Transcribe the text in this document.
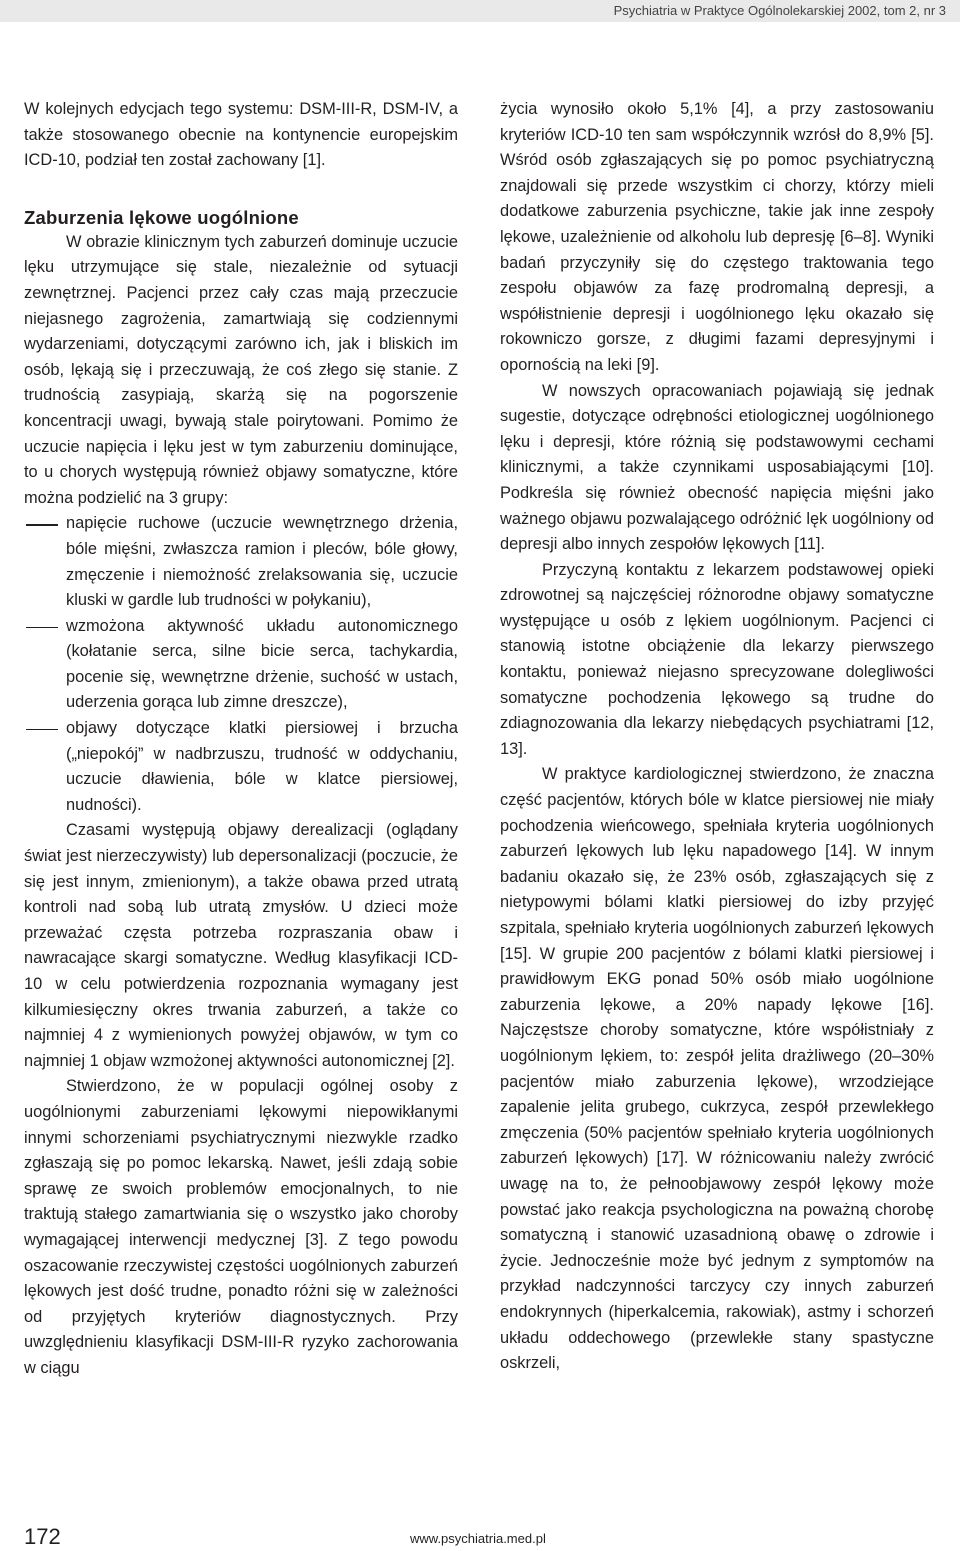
Psychiatria w Praktyce Ogólnolekarskiej 2002, tom 2, nr 3

W kolejnych edycjach tego systemu: DSM-III-R, DSM-IV, a także stosowanego obecnie na kontynencie europejskim ICD-10, podział ten został zachowany [1].

Zaburzenia lękowe uogólnione

W obrazie klinicznym tych zaburzeń dominuje uczucie lęku utrzymujące się stale, niezależnie od sytuacji zewnętrznej. Pacjenci przez cały czas mają przeczucie niejasnego zagrożenia, zamartwiają się codziennymi wydarzeniami, dotyczącymi zarówno ich, jak i bliskich im osób, lękają się i przeczuwają, że coś złego się stanie. Z trudnością zasypiają, skarżą się na pogorszenie koncentracji uwagi, bywają stale poirytowani. Pomimo że uczucie napięcia i lęku jest w tym zaburzeniu dominujące, to u chorych występują również objawy somatyczne, które można podzielić na 3 grupy:

napięcie ruchowe (uczucie wewnętrznego drżenia, bóle mięśni, zwłaszcza ramion i pleców, bóle głowy, zmęczenie i niemożność zrelaksowania się, uczucie kluski w gardle lub trudności w połykaniu),
wzmożona aktywność układu autonomicznego (kołatanie serca, silne bicie serca, tachykardia, pocenie się, wewnętrzne drżenie, suchość w ustach, uderzenia gorąca lub zimne dreszcze),
objawy dotyczące klatki piersiowej i brzucha („niepokój” w nadbrzuszu, trudność w oddychaniu, uczucie dławienia, bóle w klatce piersiowej, nudności).

Czasami występują objawy derealizacji (oglądany świat jest nierzeczywisty) lub depersonalizacji (poczucie, że się jest innym, zmienionym), a także obawa przed utratą kontroli nad sobą lub utratą zmysłów. U dzieci może przeważać częsta potrzeba rozpraszania obaw i nawracające skargi somatyczne. Według klasyfikacji ICD-10 w celu potwierdzenia rozpoznania wymagany jest kilkumiesięczny okres trwania zaburzeń, a także co najmniej 4 z wymienionych powyżej objawów, w tym co najmniej 1 objaw wzmożonej aktywności autonomicznej [2].

Stwierdzono, że w populacji ogólnej osoby z uogólnionymi zaburzeniami lękowymi niepowikłanymi innymi schorzeniami psychiatrycznymi niezwykle rzadko zgłaszają się po pomoc lekarską. Nawet, jeśli zdają sobie sprawę ze swoich problemów emocjonalnych, to nie traktują stałego zamartwiania się o wszystko jako choroby wymagającej interwencji medycznej [3]. Z tego powodu oszacowanie rzeczywistej częstości uogólnionych zaburzeń lękowych jest dość trudne, ponadto różni się w zależności od przyjętych kryteriów diagnostycznych. Przy uwzględnieniu klasyfikacji DSM-III-R ryzyko zachorowania w ciągu

życia wynosiło około 5,1% [4], a przy zastosowaniu kryteriów ICD-10 ten sam współczynnik wzrósł do 8,9% [5]. Wśród osób zgłaszających się po pomoc psychiatryczną znajdowali się przede wszystkim ci chorzy, którzy mieli dodatkowe zaburzenia psychiczne, takie jak inne zespoły lękowe, uzależnienie od alkoholu lub depresję [6–8]. Wyniki badań przyczyniły się do częstego traktowania tego zespołu objawów za fazę prodromalną depresji, a współistnienie depresji i uogólnionego lęku okazało się rokowniczo gorsze, z długimi fazami depresyjnymi i opornością na leki [9].

W nowszych opracowaniach pojawiają się jednak sugestie, dotyczące odrębności etiologicznej uogólnionego lęku i depresji, które różnią się podstawowymi cechami klinicznymi, a także czynnikami usposabiającymi [10]. Podkreśla się również obecność napięcia mięśni jako ważnego objawu pozwalającego odróżnić lęk uogólniony od depresji albo innych zespołów lękowych [11].

Przyczyną kontaktu z lekarzem podstawowej opieki zdrowotnej są najczęściej różnorodne objawy somatyczne występujące u osób z lękiem uogólnionym. Pacjenci ci stanowią istotne obciążenie dla lekarzy pierwszego kontaktu, ponieważ niejasno sprecyzowane dolegliwości somatyczne pochodzenia lękowego są trudne do zdiagnozowania dla lekarzy niebędących psychiatrami [12, 13].

W praktyce kardiologicznej stwierdzono, że znaczna część pacjentów, których bóle w klatce piersiowej nie miały pochodzenia wieńcowego, spełniała kryteria uogólnionych zaburzeń lękowych lub lęku napadowego [14]. W innym badaniu okazało się, że 23% osób, zgłaszających się z nietypowymi bólami klatki piersiowej do izby przyjęć szpitala, spełniało kryteria uogólnionych zaburzeń lękowych [15]. W grupie 200 pacjentów z bólami klatki piersiowej i prawidłowym EKG ponad 50% osób miało uogólnione zaburzenia lękowe, a 20% napady lękowe [16]. Najczęstsze choroby somatyczne, które współistniały z uogólnionym lękiem, to: zespół jelita drażliwego (20–30% pacjentów miało zaburzenia lękowe), wrzodziejące zapalenie jelita grubego, cukrzyca, zespół przewlekłego zmęczenia (50% pacjentów spełniało kryteria uogólnionych zaburzeń lękowych) [17]. W różnicowaniu należy zwrócić uwagę na to, że pełnoobjawowy zespół lękowy może powstać jako reakcja psychologiczna na poważną chorobę somatyczną i stanowić uzasadnioną obawę o zdrowie i życie. Jednocześnie może być jednym z symptomów na przykład nadczynności tarczycy czy innych zaburzeń endokrynnych (hiperkalcemia, rakowiak), astmy i schorzeń układu oddechowego (przewlekłe stany spastyczne oskrzeli,

172	www.psychiatria.med.pl
